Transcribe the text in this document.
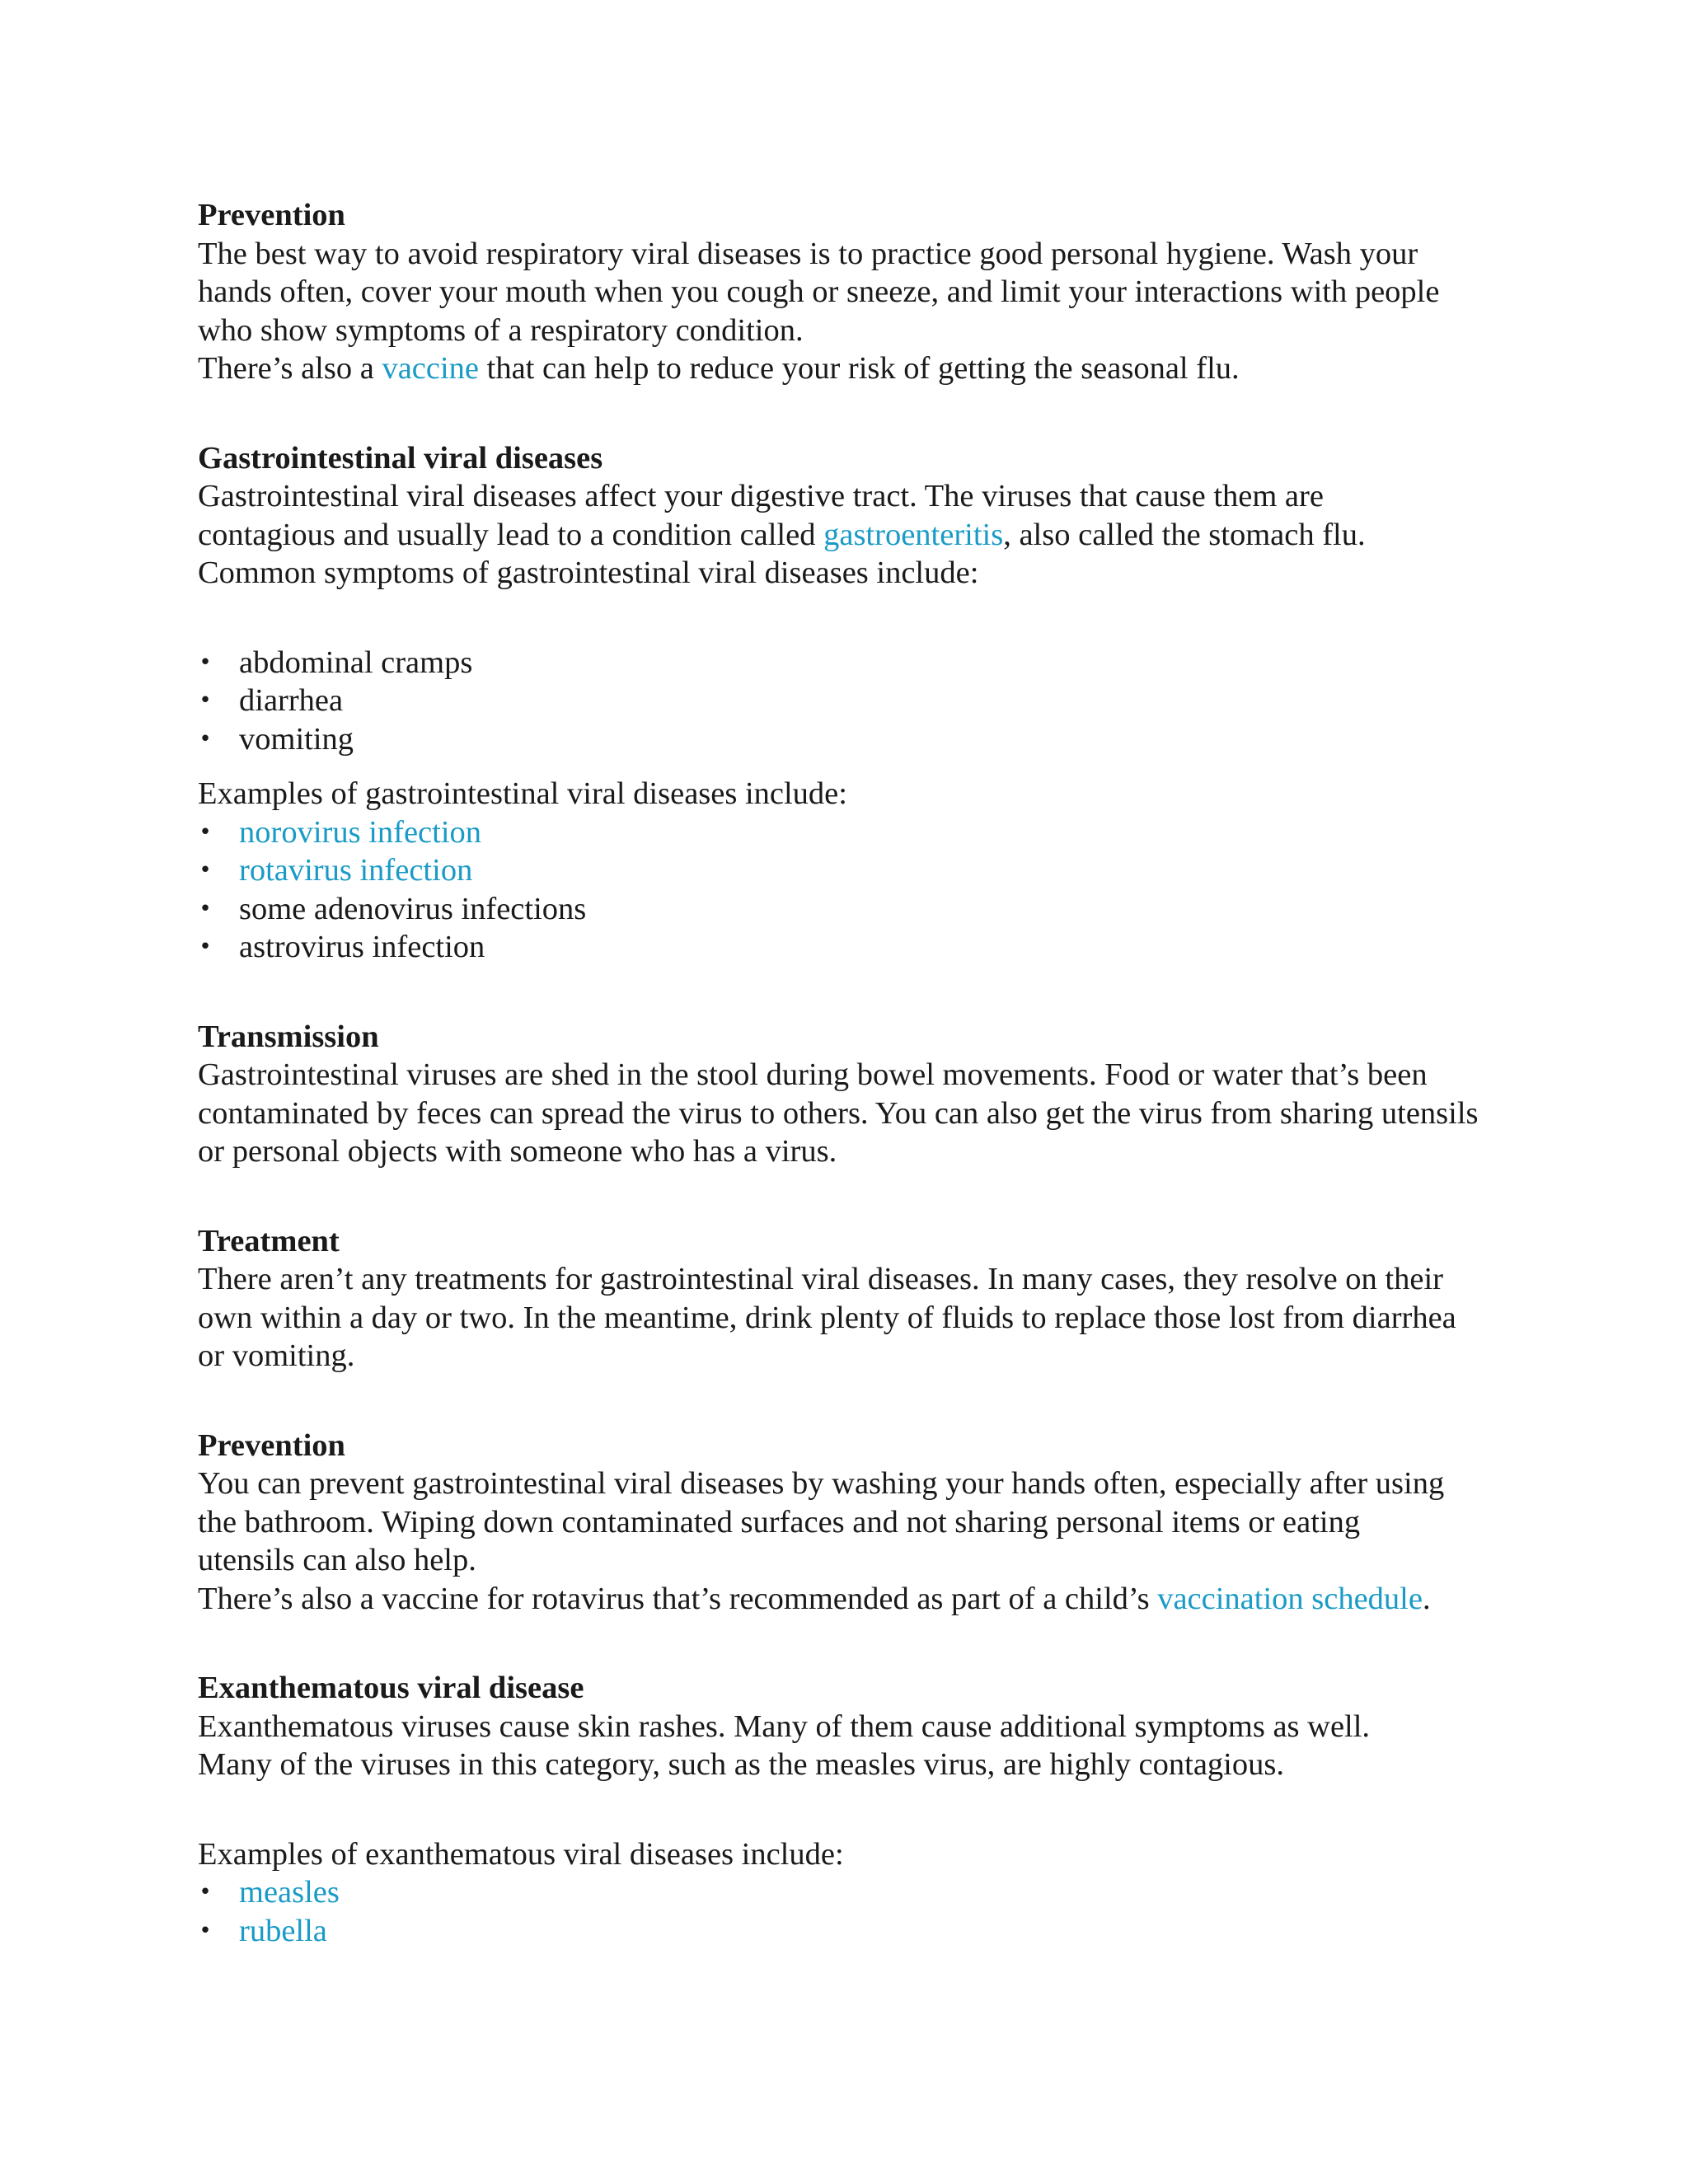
Prevention

The best way to avoid respiratory viral diseases is to practice good personal hygiene. Wash your hands often, cover your mouth when you cough or sneeze, and limit your interactions with people who show symptoms of a respiratory condition.

There’s also a vaccine that can help to reduce your risk of getting the seasonal flu.

Gastrointestinal viral diseases

Gastrointestinal viral diseases affect your digestive tract. The viruses that cause them are contagious and usually lead to a condition called gastroenteritis, also called the stomach flu.

Common symptoms of gastrointestinal viral diseases include:

• abdominal cramps
• diarrhea
• vomiting

Examples of gastrointestinal viral diseases include:

• norovirus infection
• rotavirus infection
• some adenovirus infections
• astrovirus infection

Transmission

Gastrointestinal viruses are shed in the stool during bowel movements. Food or water that’s been contaminated by feces can spread the virus to others. You can also get the virus from sharing utensils or personal objects with someone who has a virus.

Treatment

There aren’t any treatments for gastrointestinal viral diseases. In many cases, they resolve on their own within a day or two. In the meantime, drink plenty of fluids to replace those lost from diarrhea or vomiting.

Prevention

You can prevent gastrointestinal viral diseases by washing your hands often, especially after using the bathroom. Wiping down contaminated surfaces and not sharing personal items or eating utensils can also help.

There’s also a vaccine for rotavirus that’s recommended as part of a child’s vaccination schedule.

Exanthematous viral disease

Exanthematous viruses cause skin rashes. Many of them cause additional symptoms as well. Many of the viruses in this category, such as the measles virus, are highly contagious.

Examples of exanthematous viral diseases include:

• measles
• rubella
